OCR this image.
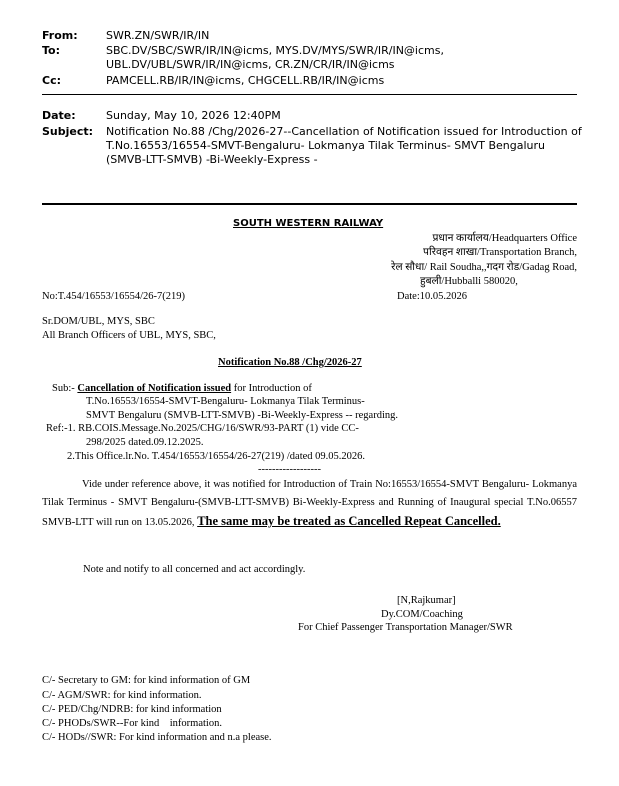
From:	SWR.ZN/SWR/IR/IN
To:	SBC.DV/SBC/SWR/IR/IN@icms, MYS.DV/MYS/SWR/IR/IN@icms,
UBL.DV/UBL/SWR/IR/IN@icms, CR.ZN/CR/IR/IN@icms
Cc:	PAMCELL.RB/IR/IN@icms, CHGCELL.RB/IR/IN@icms
Date:	Sunday, May 10, 2026 12:40PM
Subject: Notification No.88 /Chg/2026-27--Cancellation of Notification issued for Introduction of
T.No.16553/16554-SMVT-Bengaluru- Lokmanya Tilak Terminus- SMVT Bengaluru
(SMVB-LTT-SMVB) -Bi-Weekly-Express -
SOUTH WESTERN RAILWAY
प्रधान कार्यालय/Headquarters Office
परिवहन शाखा/Transportation Branch,
रेल सौधा/ Rail Soudha,,गदग रोड/Gadag Road,
हुबली/Hubballi 580020,
No:T.454/16553/16554/26-7(219)	Date:10.05.2026
Sr.DOM/UBL, MYS, SBC
All Branch Officers of UBL, MYS, SBC,
Notification No.88 /Chg/2026-27
Sub:- Cancellation of Notification issued for Introduction of
T.No.16553/16554-SMVT-Bengaluru- Lokmanya Tilak Terminus-
SMVT Bengaluru (SMVB-LTT-SMVB) -Bi-Weekly-Express -- regarding.
Ref:-1. RB.COIS.Message.No.2025/CHG/16/SWR/93-PART (1) vide CC-
298/2025 dated.09.12.2025.
2.This Office.lr.No. T.454/16553/16554/26-27(219) /dated 09.05.2026.
------------------
Vide under reference above, it was notified for Introduction of Train No:16553/16554-SMVT Bengaluru- Lokmanya Tilak Terminus - SMVT Bengaluru-(SMVB-LTT-SMVB) Bi-Weekly-Express and Running of Inaugural special T.No.06557 SMVB-LTT will run on 13.05.2026, The same may be treated as Cancelled Repeat Cancelled.
Note and notify to all concerned and act accordingly.
[N,Rajkumar]
Dy.COM/Coaching
For Chief Passenger Transportation Manager/SWR
C/- Secretary to GM: for kind information of GM
C/- AGM/SWR: for kind information.
C/- PED/Chg/NDRB: for kind information
C/- PHODs/SWR--For kind    information.
C/- HODs//SWR: For kind information and n.a please.
